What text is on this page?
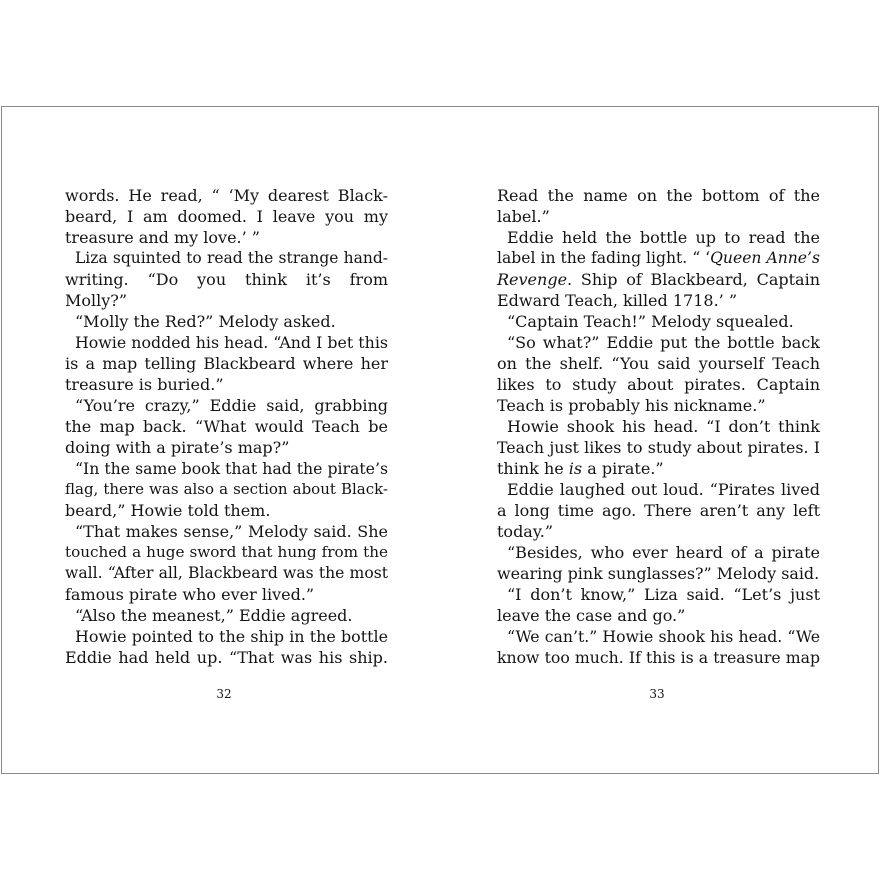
words. He read, “ ‘My dearest Black-
beard, I am doomed. I leave you my
treasure and my love.’ ”
Liza squinted to read the strange hand-
writing. “Do you think it’s from
Molly?”
“Molly the Red?” Melody asked.
Howie nodded his head. “And I bet this
is a map telling Blackbeard where her
treasure is buried.”
“You’re crazy,” Eddie said, grabbing
the map back. “What would Teach be
doing with a pirate’s map?”
“In the same book that had the pirate’s
flag, there was also a section about Black-
beard,” Howie told them.
“That makes sense,” Melody said. She
touched a huge sword that hung from the
wall. “After all, Blackbeard was the most
famous pirate who ever lived.”
“Also the meanest,” Eddie agreed.
Howie pointed to the ship in the bottle
Eddie had held up. “That was his ship.
32
Read the name on the bottom of the
label.”
Eddie held the bottle up to read the
label in the fading light. “ ‘Queen Anne’s
Revenge. Ship of Blackbeard, Captain
Edward Teach, killed 1718.’ ”
“Captain Teach!” Melody squealed.
“So what?” Eddie put the bottle back
on the shelf. “You said yourself Teach
likes to study about pirates. Captain
Teach is probably his nickname.”
Howie shook his head. “I don’t think
Teach just likes to study about pirates. I
think he is a pirate.”
Eddie laughed out loud. “Pirates lived
a long time ago. There aren’t any left
today.”
“Besides, who ever heard of a pirate
wearing pink sunglasses?” Melody said.
“I don’t know,” Liza said. “Let’s just
leave the case and go.”
“We can’t.” Howie shook his head. “We
know too much. If this is a treasure map
33
